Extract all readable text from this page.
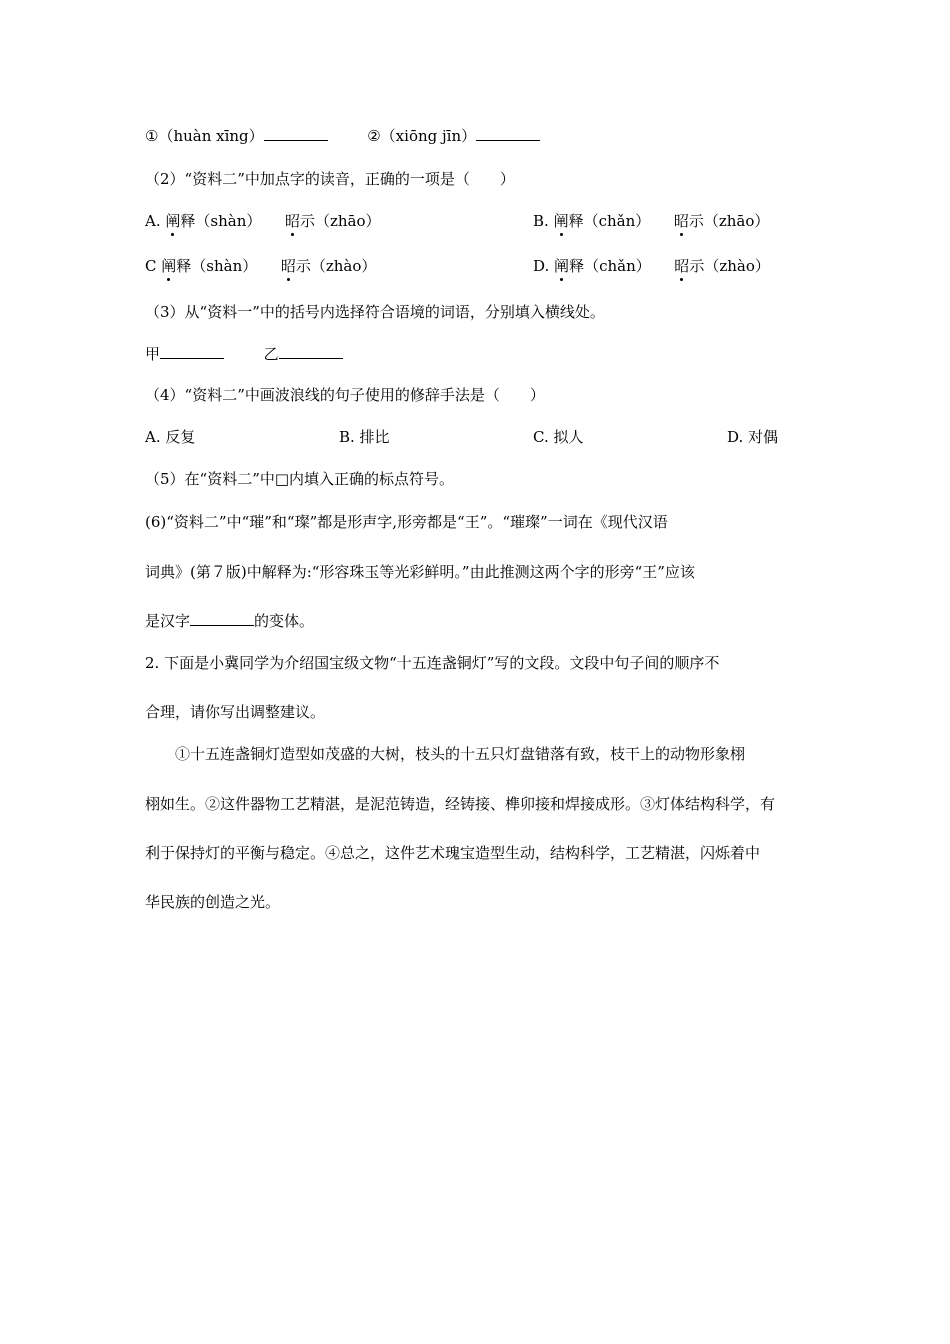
①（huàn xīng）	②（xiōng jīn）
（2）“资料二”中加点字的读音，正确的一项是（　　）
A. 阐释（shàn） 昭示（zhāo）	B. 阐释（chǎn） 昭示（zhāo）
C 阐释（shàn） 昭示（zhào）	D. 阐释（chǎn） 昭示（zhào）
（3）从“资料一”中的括号内选择符合语境的词语，分别填入横线处。
甲	乙
（4）“资料二”中画波浪线的句子使用的修辞手法是（　　）
A. 反复	B. 排比	C. 拟人	D. 对偶
（5）在“资料二”中□内填入正确的标点符号。
(6)“资料二”中“璀”和“璨”都是形声字,形旁都是“王”。“璀璨”一词在《现代汉语
词典》(第７版)中解释为:“形容珠玉等光彩鲜明。”由此推测这两个字的形旁“王”应该
是汉字	的变体。
2. 下面是小冀同学为介绍国宝级文物“十五连盏铜灯”写的文段。文段中句子间的顺序不
合理，请你写出调整建议。
　　①十五连盏铜灯造型如茂盛的大树，枝头的十五只灯盘错落有致，枝干上的动物形象栩
栩如生。②这件器物工艺精湛，是泥范铸造，经铸接、榫卯接和焊接成形。③灯体结构科学，有
利于保持灯的平衡与稳定。④总之，这件艺术瑰宝造型生动，结构科学，工艺精湛，闪烁着中
华民族的创造之光。
